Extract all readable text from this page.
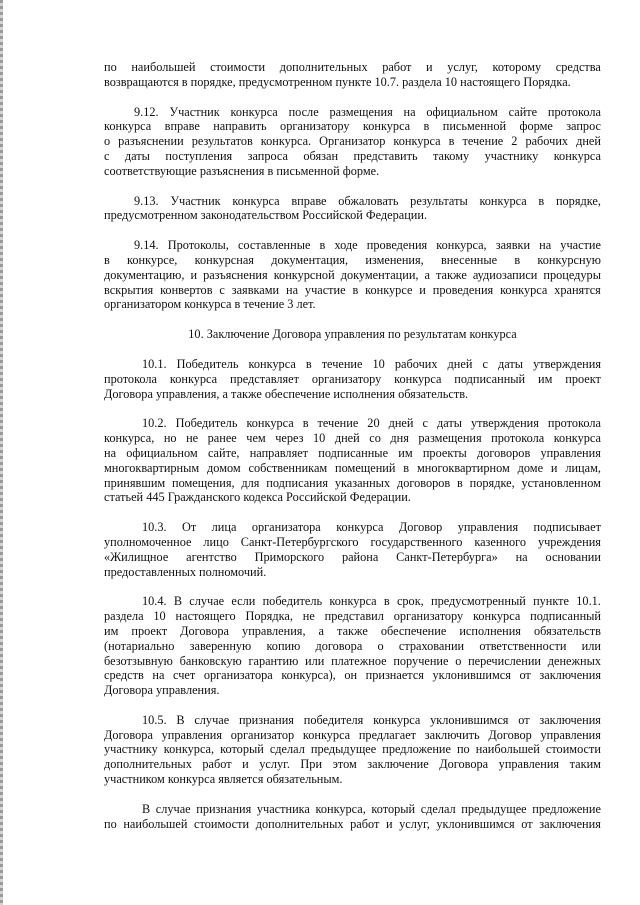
по наибольшей стоимости дополнительных работ и услуг, которому средства
возвращаются в порядке, предусмотренном пункте 10.7. раздела 10 настоящего Порядка.
9.12. Участник конкурса после размещения на официальном сайте протокола
конкурса вправе направить организатору конкурса в письменной форме запрос
о разъяснении результатов конкурса. Организатор конкурса в течение 2 рабочих дней
с даты поступления запроса обязан представить такому участнику конкурса
соответствующие разъяснения в письменной форме.
9.13. Участник конкурса вправе обжаловать результаты конкурса в порядке,
предусмотренном законодательством Российской Федерации.
9.14. Протоколы, составленные в ходе проведения конкурса, заявки на участие
в конкурсе, конкурсная документация, изменения, внесенные в конкурсную
документацию, и разъяснения конкурсной документации, а также аудиозаписи процедуры
вскрытия конвертов с заявками на участие в конкурсе и проведения конкурса хранятся
организатором конкурса в течение 3 лет.
10. Заключение Договора управления по результатам конкурса
10.1. Победитель конкурса в течение 10 рабочих дней с даты утверждения
протокола конкурса представляет организатору конкурса подписанный им проект
Договора управления, а также обеспечение исполнения обязательств.
10.2. Победитель конкурса в течение 20 дней с даты утверждения протокола
конкурса, но не ранее чем через 10 дней со дня размещения протокола конкурса
на официальном сайте, направляет подписанные им проекты договоров управления
многоквартирным домом собственникам помещений в многоквартирном доме и лицам,
принявшим помещения, для подписания указанных договоров в порядке, установленном
статьей 445 Гражданского кодекса Российской Федерации.
10.3. От лица организатора конкурса Договор управления подписывает
уполномоченное лицо Санкт-Петербургского государственного казенного учреждения
«Жилищное агентство Приморского района Санкт-Петербурга» на основании
предоставленных полномочий.
10.4. В случае если победитель конкурса в срок, предусмотренный пункте 10.1.
раздела 10 настоящего Порядка, не представил организатору конкурса подписанный
им проект Договора управления, а также обеспечение исполнения обязательств
(нотариально заверенную копию договора о страховании ответственности или
безотзывную банковскую гарантию или платежное поручение о перечислении денежных
средств на счет организатора конкурса), он признается уклонившимся от заключения
Договора управления.
10.5. В случае признания победителя конкурса уклонившимся от заключения
Договора управления организатор конкурса предлагает заключить Договор управления
участнику конкурса, который сделал предыдущее предложение по наибольшей стоимости
дополнительных работ и услуг. При этом заключение Договора управления таким
участником конкурса является обязательным.
В случае признания участника конкурса, который сделал предыдущее предложение
по наибольшей стоимости дополнительных работ и услуг, уклонившимся от заключения
